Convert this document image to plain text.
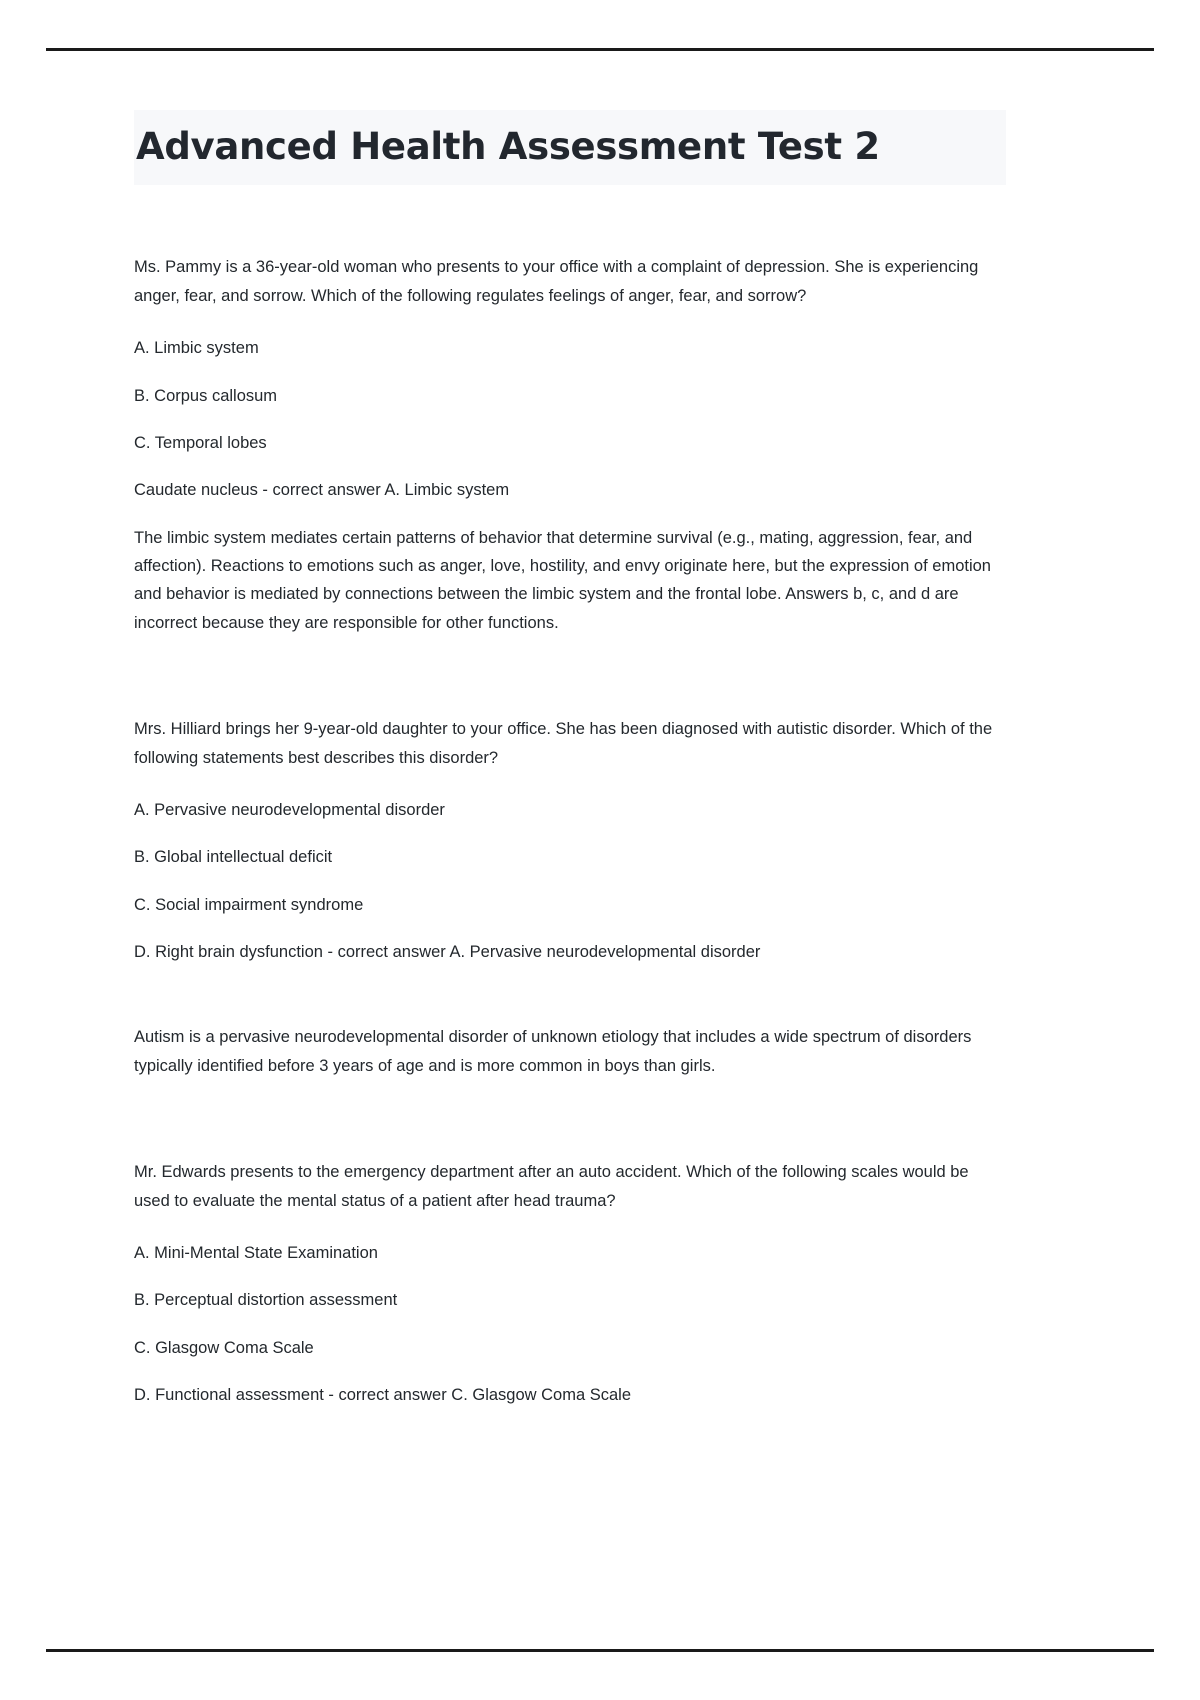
Advanced Health Assessment Test 2

Ms. Pammy is a 36-year-old woman who presents to your office with a complaint of depression. She is experiencing anger, fear, and sorrow. Which of the following regulates feelings of anger, fear, and sorrow?

A. Limbic system

B. Corpus callosum

C. Temporal lobes

Caudate nucleus - correct answer A. Limbic system

The limbic system mediates certain patterns of behavior that determine survival (e.g., mating, aggression, fear, and affection). Reactions to emotions such as anger, love, hostility, and envy originate here, but the expression of emotion and behavior is mediated by connections between the limbic system and the frontal lobe. Answers b, c, and d are incorrect because they are responsible for other functions.

Mrs. Hilliard brings her 9-year-old daughter to your office. She has been diagnosed with autistic disorder. Which of the following statements best describes this disorder?

A. Pervasive neurodevelopmental disorder

B. Global intellectual deficit

C. Social impairment syndrome

D. Right brain dysfunction - correct answer A. Pervasive neurodevelopmental disorder

Autism is a pervasive neurodevelopmental disorder of unknown etiology that includes a wide spectrum of disorders typically identified before 3 years of age and is more common in boys than girls.

Mr. Edwards presents to the emergency department after an auto accident. Which of the following scales would be used to evaluate the mental status of a patient after head trauma?

A. Mini-Mental State Examination

B. Perceptual distortion assessment

C. Glasgow Coma Scale

D. Functional assessment - correct answer C. Glasgow Coma Scale
